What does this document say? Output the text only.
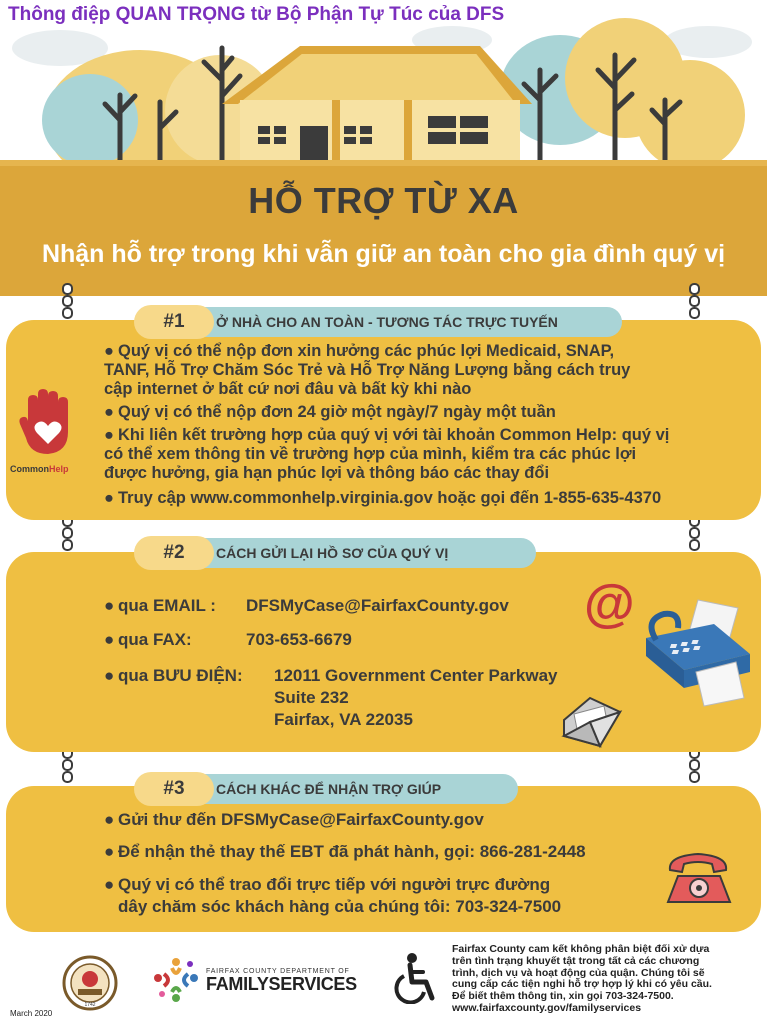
Thông điệp QUAN TRỌNG từ Bộ Phận Tự Túc của DFS
HỖ TRỢ TỪ XA
Nhận hỗ trợ trong khi vẫn giữ an toàn cho gia đình quý vị
Ở NHÀ CHO AN TOÀN - TƯƠNG TÁC TRỰC TUYẾN
#1
CommonHelp
● Quý vị có thể nộp đơn xin hưởng các phúc lợi Medicaid, SNAP,
TANF, Hỗ Trợ Chăm Sóc Trẻ và Hỗ Trợ Năng Lượng bằng cách truy
cập internet ở bất cứ nơi đâu và bất kỳ khi nào
● Quý vị có thể nộp đơn 24 giờ một ngày/7 ngày một tuần
● Khi liên kết trường hợp của quý vị với tài khoản Common Help: quý vị
có thể xem thông tin về trường hợp của mình, kiểm tra các phúc lợi
được hưởng, gia hạn phúc lợi và thông báo các thay đổi
● Truy cập www.commonhelp.virginia.gov hoặc gọi đến 1-855-635-4370
CÁCH GỬI LẠI HỒ SƠ CỦA QUÝ VỊ
#2
● qua EMAIL : DFSMyCase@FairfaxCounty.gov
● qua FAX:	703-653-6679
● qua BƯU ĐIỆN: 12011 Government Center Parkway
Suite 232
Fairfax, VA 22035
@
CÁCH KHÁC ĐỂ NHẬN TRỢ GIÚP
#3
● Gửi thư đến DFSMyCase@FairfaxCounty.gov
● Để nhận thẻ thay thế EBT đã phát hành, gọi: 866-281-2448
● Quý vị có thể trao đổi trực tiếp với người trực đường
dây chăm sóc khách hàng của chúng tôi: 703-324-7500
1742
March 2020
FAIRFAX COUNTY DEPARTMENT OF
FAMILYSERVICES
Fairfax County cam kết không phân biệt đối xử dựa
trên tình trạng khuyết tật trong tất cả các chương
trình, dịch vụ và hoạt động của quận. Chúng tôi sẽ
cung cấp các tiện nghi hỗ trợ hợp lý khi có yêu cầu.
Để biết thêm thông tin, xin gọi 703-324-7500.
www.fairfaxcounty.gov/familyservices
